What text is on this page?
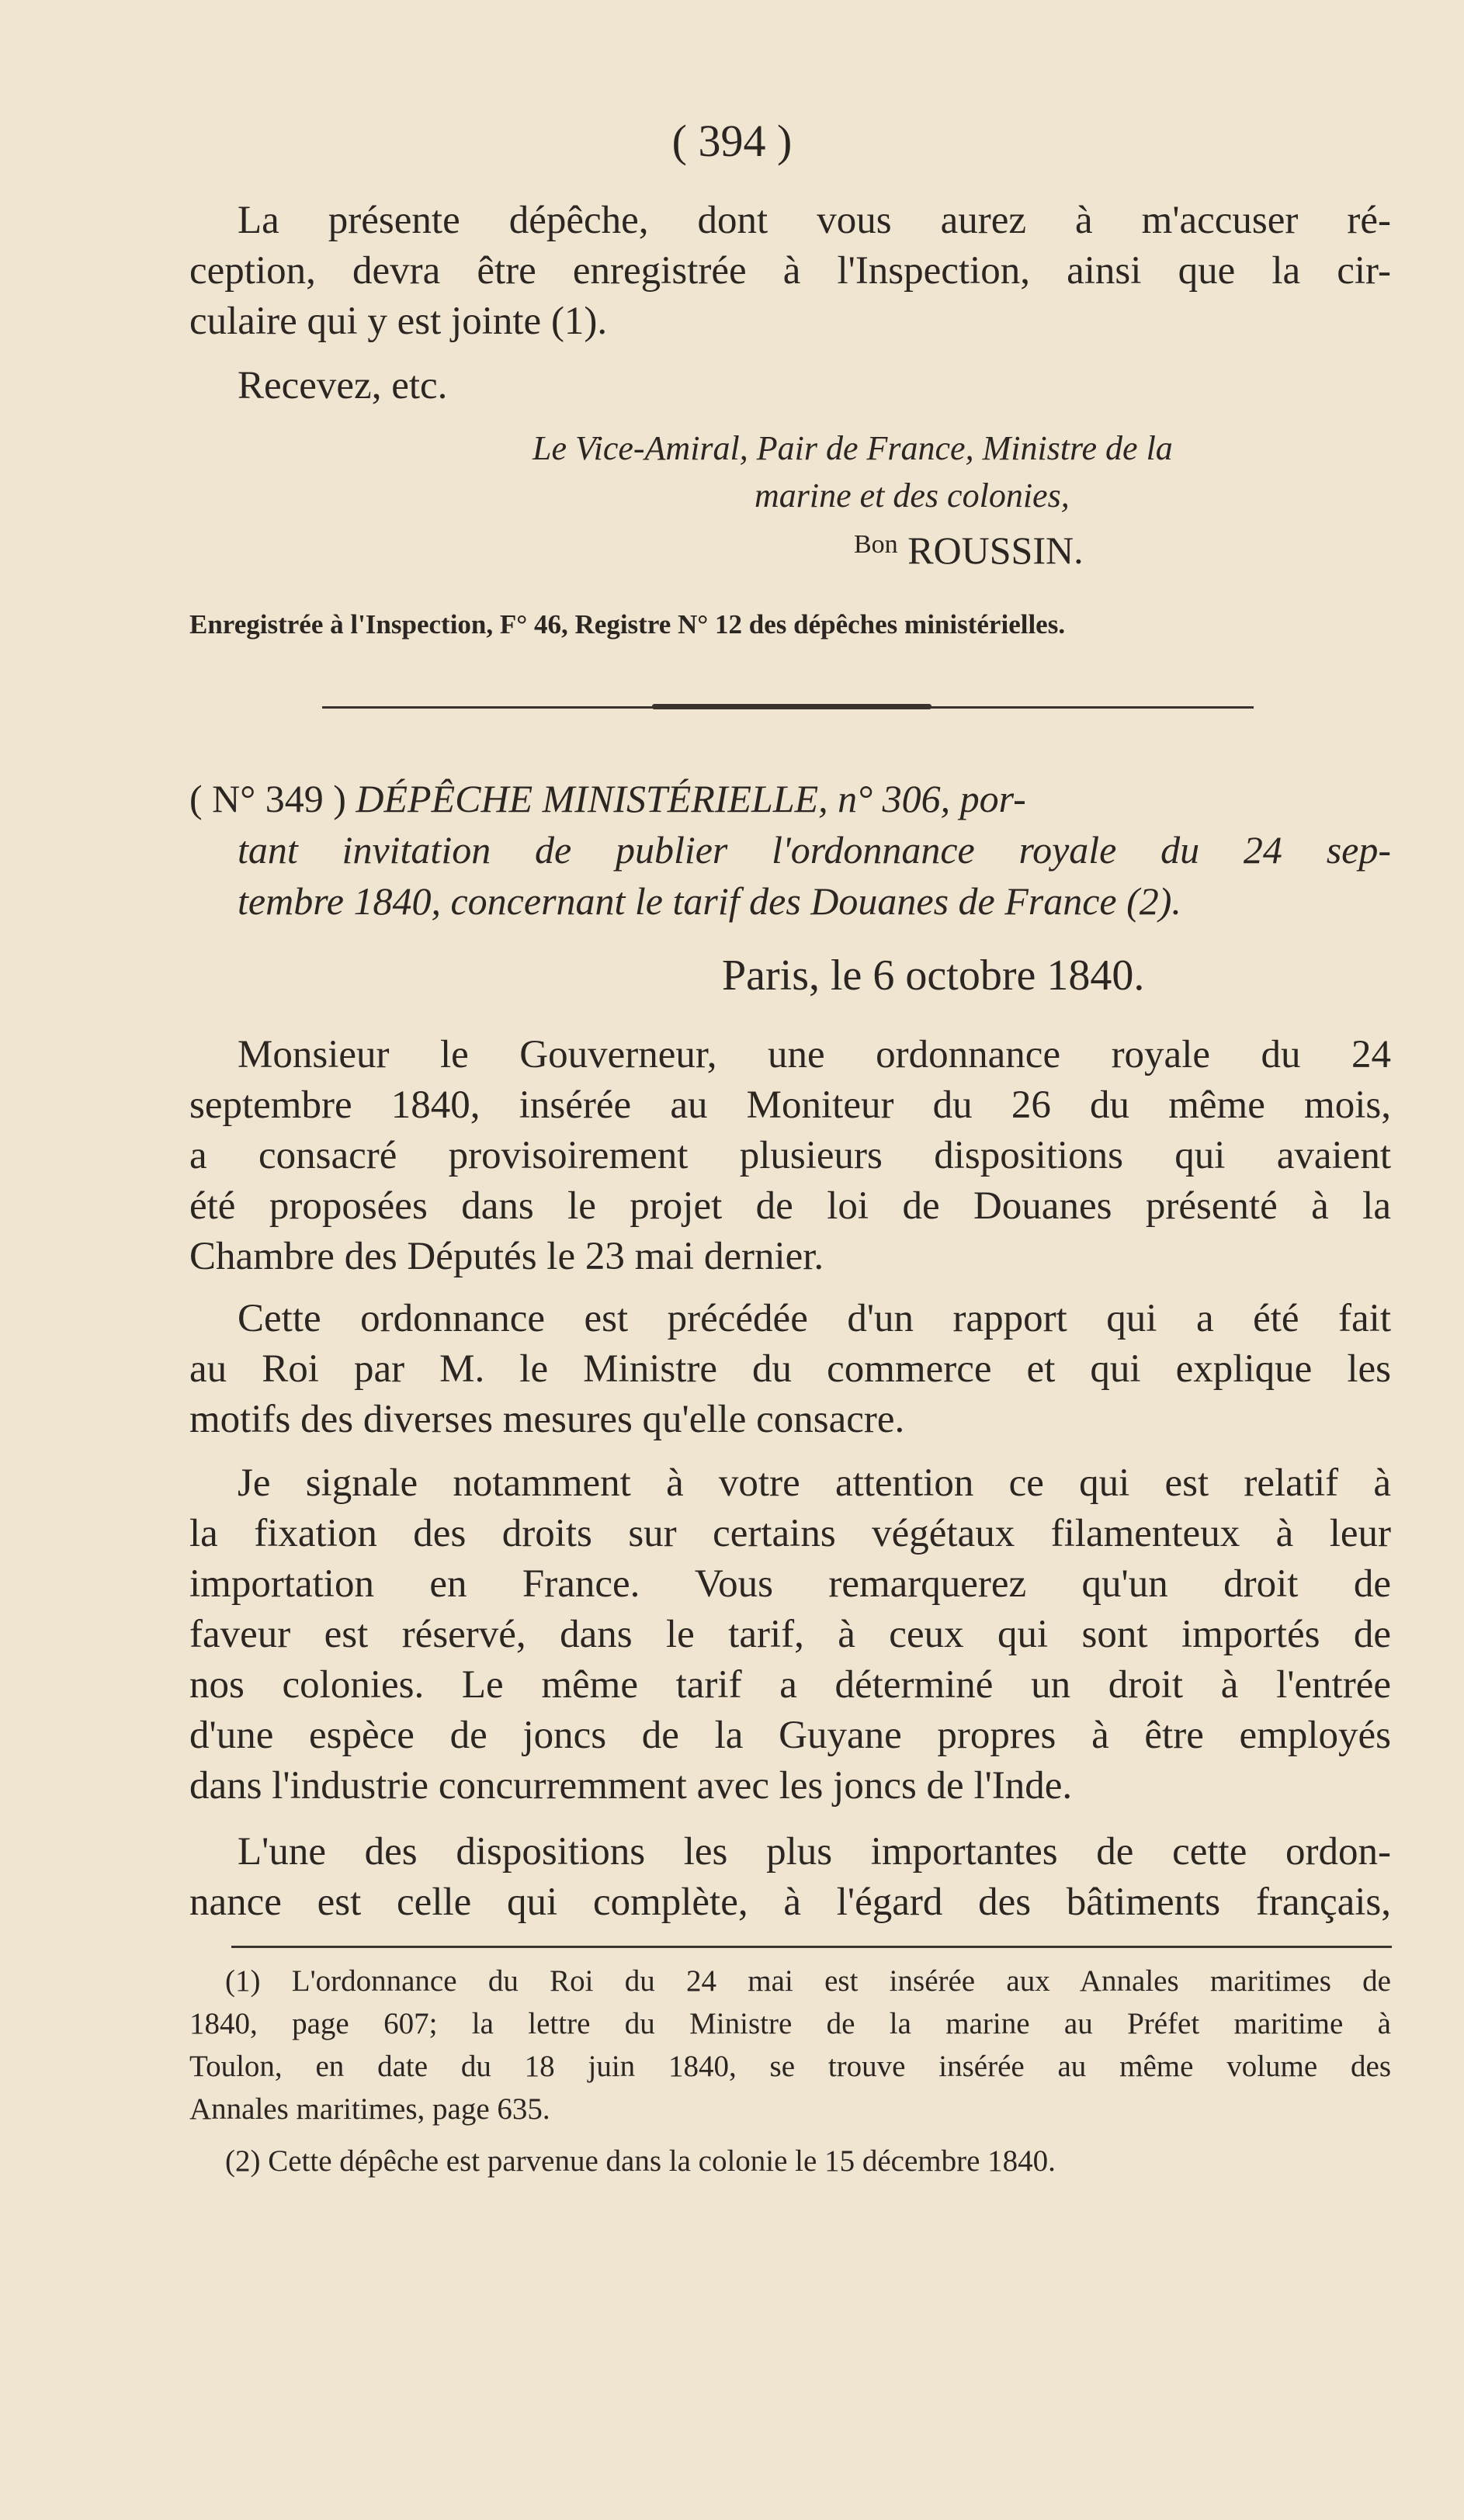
( 394 )
La présente dépêche, dont vous aurez à m'accuser ré-
ception, devra être enregistrée à l'Inspection, ainsi que la cir-
culaire qui y est jointe (1).
Recevez, etc.
Le Vice-Amiral, Pair de France, Ministre de la
marine et des colonies,
$^{Bon}$ ROUSSIN.
Enregistrée à l'Inspection, F° 46, Registre N° 12 des dépêches ministérielles.
( N° 349 ) DÉPÊCHE MINISTÉRIELLE, n° 306, por-
tant invitation de publier l'ordonnance royale du 24 sep-
tembre 1840, concernant le tarif des Douanes de France (2).
Paris, le 6 octobre 1840.
Monsieur le Gouverneur, une ordonnance royale du 24
septembre 1840, insérée au Moniteur du 26 du même mois,
a consacré provisoirement plusieurs dispositions qui avaient
été proposées dans le projet de loi de Douanes présenté à la
Chambre des Députés le 23 mai dernier.
Cette ordonnance est précédée d'un rapport qui a été fait
au Roi par M. le Ministre du commerce et qui explique les
motifs des diverses mesures qu'elle consacre.
Je signale notamment à votre attention ce qui est relatif à
la fixation des droits sur certains végétaux filamenteux à leur
importation en France. Vous remarquerez qu'un droit de
faveur est réservé, dans le tarif, à ceux qui sont importés de
nos colonies. Le même tarif a déterminé un droit à l'entrée
d'une espèce de joncs de la Guyane propres à être employés
dans l'industrie concurremment avec les joncs de l'Inde.
L'une des dispositions les plus importantes de cette ordon-
nance est celle qui complète, à l'égard des bâtiments français,
(1) L'ordonnance du Roi du 24 mai est insérée aux Annales maritimes de
1840, page 607; la lettre du Ministre de la marine au Préfet maritime à
Toulon, en date du 18 juin 1840, se trouve insérée au même volume des
Annales maritimes, page 635.
(2) Cette dépêche est parvenue dans la colonie le 15 décembre 1840.
